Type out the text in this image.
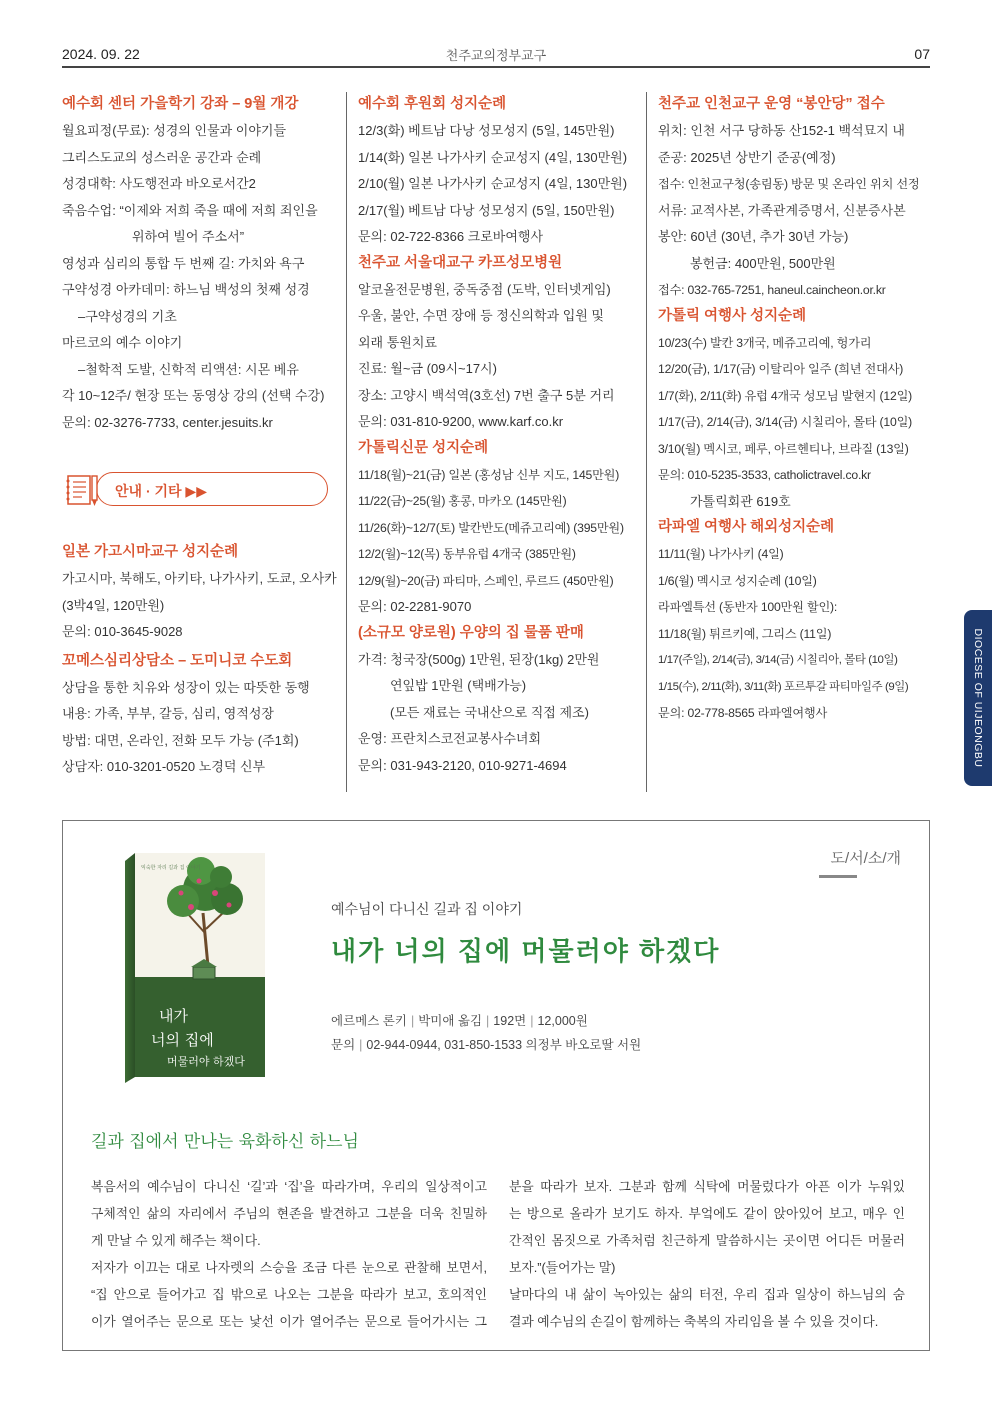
2024. 09. 22	천주교의정부교구	07
예수회 센터 가을학기 강좌 – 9월 개강
월요피정(무료): 성경의 인물과 이야기들
그리스도교의 성스러운 공간과 순례
성경대학: 사도행전과 바오로서간2
죽음수업: “이제와 저희 죽을 때에 저희 죄인을
위하여 빌어 주소서”
영성과 심리의 통합 두 번째 길: 가치와 욕구
구약성경 아카데미: 하느님 백성의 첫째 성경
–구약성경의 기초
마르코의 예수 이야기
–철학적 도발, 신학적 리액션: 시몬 베유
각 10~12주/ 현장 또는 동영상 강의 (선택 수강)
문의: 02-3276-7733, center.jesuits.kr
안내 · 기타 ▶▶
일본 가고시마교구 성지순례
가고시마, 북해도, 아키타, 나가사키, 도쿄, 오사카
(3박4일, 120만원)
문의: 010-3645-9028
꼬메스심리상담소 – 도미니코 수도회
상담을 통한 치유와 성장이 있는 따뜻한 동행
내용: 가족, 부부, 갈등, 심리, 영적성장
방법: 대면, 온라인, 전화 모두 가능 (주1회)
상담자: 010-3201-0520 노경덕 신부
예수회 후원회 성지순례
12/3(화) 베트남 다낭 성모성지 (5일, 145만원)
1/14(화) 일본 나가사키 순교성지 (4일, 130만원)
2/10(월) 일본 나가사키 순교성지 (4일, 130만원)
2/17(월) 베트남 다낭 성모성지 (5일, 150만원)
문의: 02-722-8366 크로바여행사
천주교 서울대교구 카프성모병원
알코올전문병원, 중독중점 (도박, 인터넷게임)
우울, 불안, 수면 장애 등 정신의학과 입원 및
외래 통원치료
진료: 월~금 (09시~17시)
장소: 고양시 백석역(3호선) 7번 출구 5분 거리
문의: 031-810-9200, www.karf.co.kr
가톨릭신문 성지순례
11/18(월)~21(금) 일본 (홍성남 신부 지도, 145만원)
11/22(금)~25(월) 홍콩, 마카오 (145만원)
11/26(화)~12/7(토) 발칸반도(메쥬고리예) (395만원)
12/2(월)~12(목) 동부유럽 4개국 (385만원)
12/9(월)~20(금) 파티마, 스페인, 루르드 (450만원)
문의: 02-2281-9070
(소규모 양로원) 우양의 집 물품 판매
가격: 청국장(500g) 1만원, 된장(1kg) 2만원
연잎밥 1만원 (택배가능)
(모든 재료는 국내산으로 직접 제조)
운영: 프란치스코전교봉사수녀회
문의: 031-943-2120, 010-9271-4694
천주교 인천교구 운영 “봉안당” 접수
위치: 인천 서구 당하동 산152-1 백석묘지 내
준공: 2025년 상반기 준공(예정)
접수: 인천교구청(송림동) 방문 및 온라인 위치 선정
서류: 교적사본, 가족관계증명서, 신분증사본
봉안: 60년 (30년, 추가 30년 가능)
봉헌금: 400만원, 500만원
접수: 032-765-7251, haneul.caincheon.or.kr
가톨릭 여행사 성지순례
10/23(수) 발칸 3개국, 메쥬고리예, 헝가리
12/20(금), 1/17(금) 이탈리아 일주 (희년 전대사)
1/7(화), 2/11(화) 유럽 4개국 성모님 발현지 (12일)
1/17(금), 2/14(금), 3/14(금) 시칠리아, 몰타 (10일)
3/10(월) 멕시코, 페루, 아르헨티나, 브라질 (13일)
문의: 010-5235-3533, catholictravel.co.kr
가톨릭회관 619호
라파엘 여행사 해외성지순례
11/11(월) 나가사키 (4일)
1/6(월) 멕시코 성지순례 (10일)
라파엘특선 (동반자 100만원 할인):
11/18(월) 튀르키예, 그리스 (11일)
1/17(주일), 2/14(금), 3/14(금) 시칠리아, 몰타 (10일)
1/15(수), 2/11(화), 3/11(화) 포르투갈 파티마일주 (9일)
문의: 02-778-8565 라파엘여행사	DIOCESE OF UIJEONGBU
도/서/소/개
익숙한 자리 길과 집 이야기
내가
너의 집에
머물러야 하겠다
예수님이 다니신 길과 집 이야기
내가 너의 집에 머물러야 하겠다
에르메스 론키 | 박미애 옮김 | 192면 | 12,000원
문의 | 02-944-0944, 031-850-1533 의정부 바오로딸 서원
길과 집에서 만나는 육화하신 하느님
복음서의 예수님이 다니신 ‘길’과 ‘집’을 따라가며, 우리의 일상적이고
구체적인 삶의 자리에서 주님의 현존을 발견하고 그분을 더욱 친밀하
게 만날 수 있게 해주는 책이다.
저자가 이끄는 대로 나자렛의 스승을 조금 다른 눈으로 관찰해 보면서,
“집 안으로 들어가고 집 밖으로 나오는 그분을 따라가 보고, 호의적인
이가 열어주는 문으로 또는 낯선 이가 열어주는 문으로 들어가시는 그
분을 따라가 보자. 그분과 함께 식탁에 머물렀다가 아픈 이가 누워있
는 방으로 올라가 보기도 하자. 부엌에도 같이 앉아있어 보고, 매우 인
간적인 몸짓으로 가족처럼 친근하게 말씀하시는 곳이면 어디든 머물러
보자.”(들어가는 말)
날마다의 내 삶이 녹아있는 삶의 터전, 우리 집과 일상이 하느님의 숨
결과 예수님의 손길이 함께하는 축복의 자리임을 볼 수 있을 것이다.
